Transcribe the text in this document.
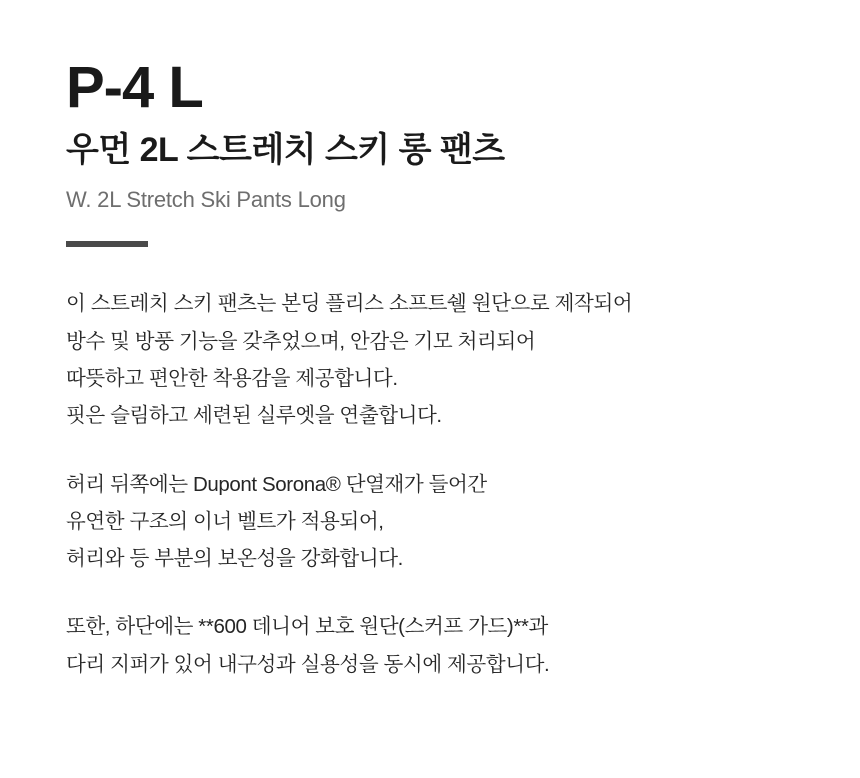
P-4 L
우먼 2L 스트레치 스키 롱 팬츠

W. 2L Stretch Ski Pants Long

이 스트레치 스키 팬츠는 본딩 플리스 소프트쉘 원단으로 제작되어
방수 및 방풍 기능을 갖추었으며, 안감은 기모 처리되어
따뜻하고 편안한 착용감을 제공합니다.
핏은 슬림하고 세련된 실루엣을 연출합니다.
허리 뒤쪽에는 Dupont Sorona® 단열재가 들어간
유연한 구조의 이너 벨트가 적용되어,
허리와 등 부분의 보온성을 강화합니다.
또한, 하단에는 **600 데니어 보호 원단(스커프 가드)**과
다리 지퍼가 있어 내구성과 실용성을 동시에 제공합니다.
